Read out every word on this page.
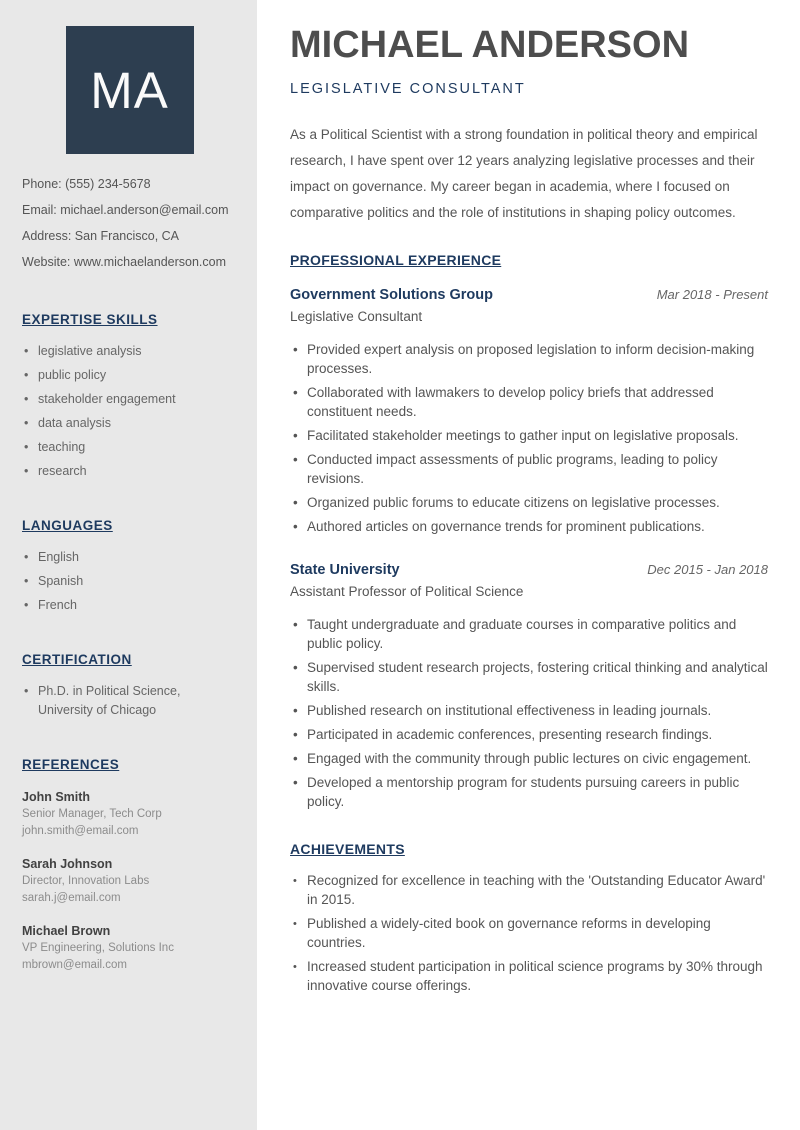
MA
Phone: (555) 234-5678
Email: michael.anderson@email.com
Address: San Francisco, CA
Website: www.michaelanderson.com
EXPERTISE SKILLS
• legislative analysis
• public policy
• stakeholder engagement
• data analysis
• teaching
• research
LANGUAGES
• English
• Spanish
• French
CERTIFICATION
• Ph.D. in Political Science, University of Chicago
REFERENCES
John Smith
Senior Manager, Tech Corp
john.smith@email.com
Sarah Johnson
Director, Innovation Labs
sarah.j@email.com
Michael Brown
VP Engineering, Solutions Inc
mbrown@email.com
MICHAEL ANDERSON
LEGISLATIVE CONSULTANT

As a Political Scientist with a strong foundation in political theory and empirical research, I have spent over 12 years analyzing legislative processes and their impact on governance. My career began in academia, where I focused on comparative politics and the role of institutions in shaping policy outcomes.

PROFESSIONAL EXPERIENCE
Government Solutions Group	Mar 2018 - Present
Legislative Consultant
• Provided expert analysis on proposed legislation to inform decision-making processes.
• Collaborated with lawmakers to develop policy briefs that addressed constituent needs.
• Facilitated stakeholder meetings to gather input on legislative proposals.
• Conducted impact assessments of public programs, leading to policy revisions.
• Organized public forums to educate citizens on legislative processes.
• Authored articles on governance trends for prominent publications.
State University	Dec 2015 - Jan 2018
Assistant Professor of Political Science
• Taught undergraduate and graduate courses in comparative politics and public policy.
• Supervised student research projects, fostering critical thinking and analytical skills.
• Published research on institutional effectiveness in leading journals.
• Participated in academic conferences, presenting research findings.
• Engaged with the community through public lectures on civic engagement.
• Developed a mentorship program for students pursuing careers in public policy.
ACHIEVEMENTS
• Recognized for excellence in teaching with the 'Outstanding Educator Award' in 2015.
• Published a widely-cited book on governance reforms in developing countries.
• Increased student participation in political science programs by 30% through innovative course offerings.
